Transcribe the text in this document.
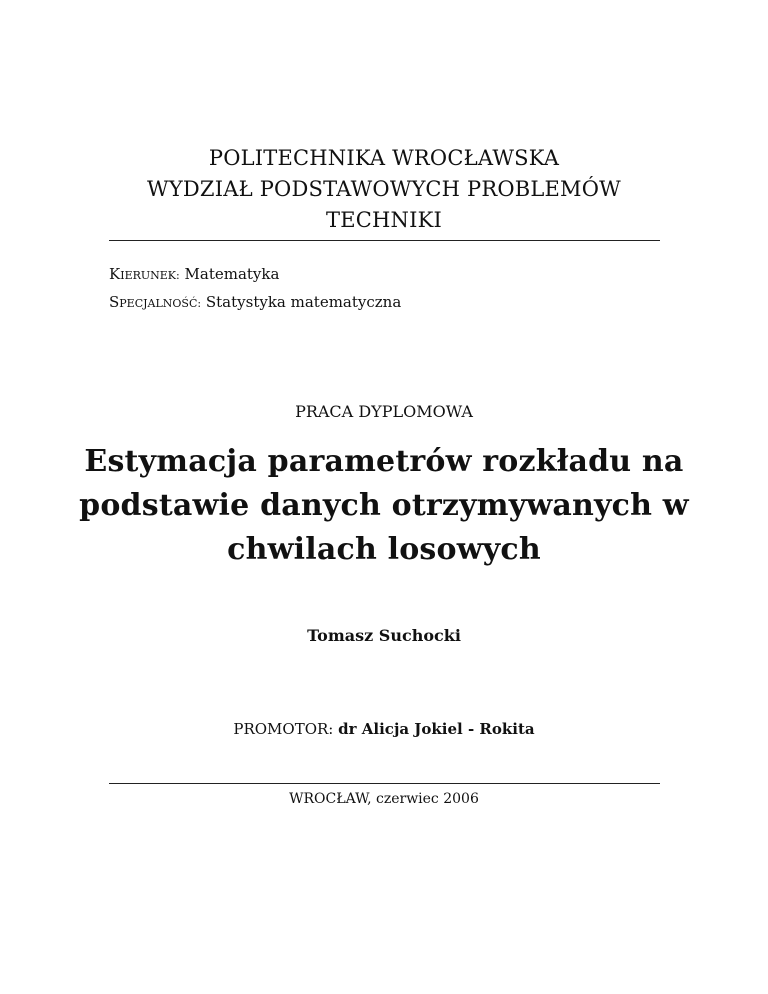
POLITECHNIKA WROCŁAWSKA
WYDZIAŁ PODSTAWOWYCH PROBLEMÓW
TECHNIKI
KIERUNEK: Matematyka
SPECJALNOŚĆ: Statystyka matematyczna
PRACA DYPLOMOWA
Estymacja parametrów rozkładu na
podstawie danych otrzymywanych w
chwilach losowych
Tomasz Suchocki
PROMOTOR: dr Alicja Jokiel - Rokita
WROCŁAW, czerwiec 2006
